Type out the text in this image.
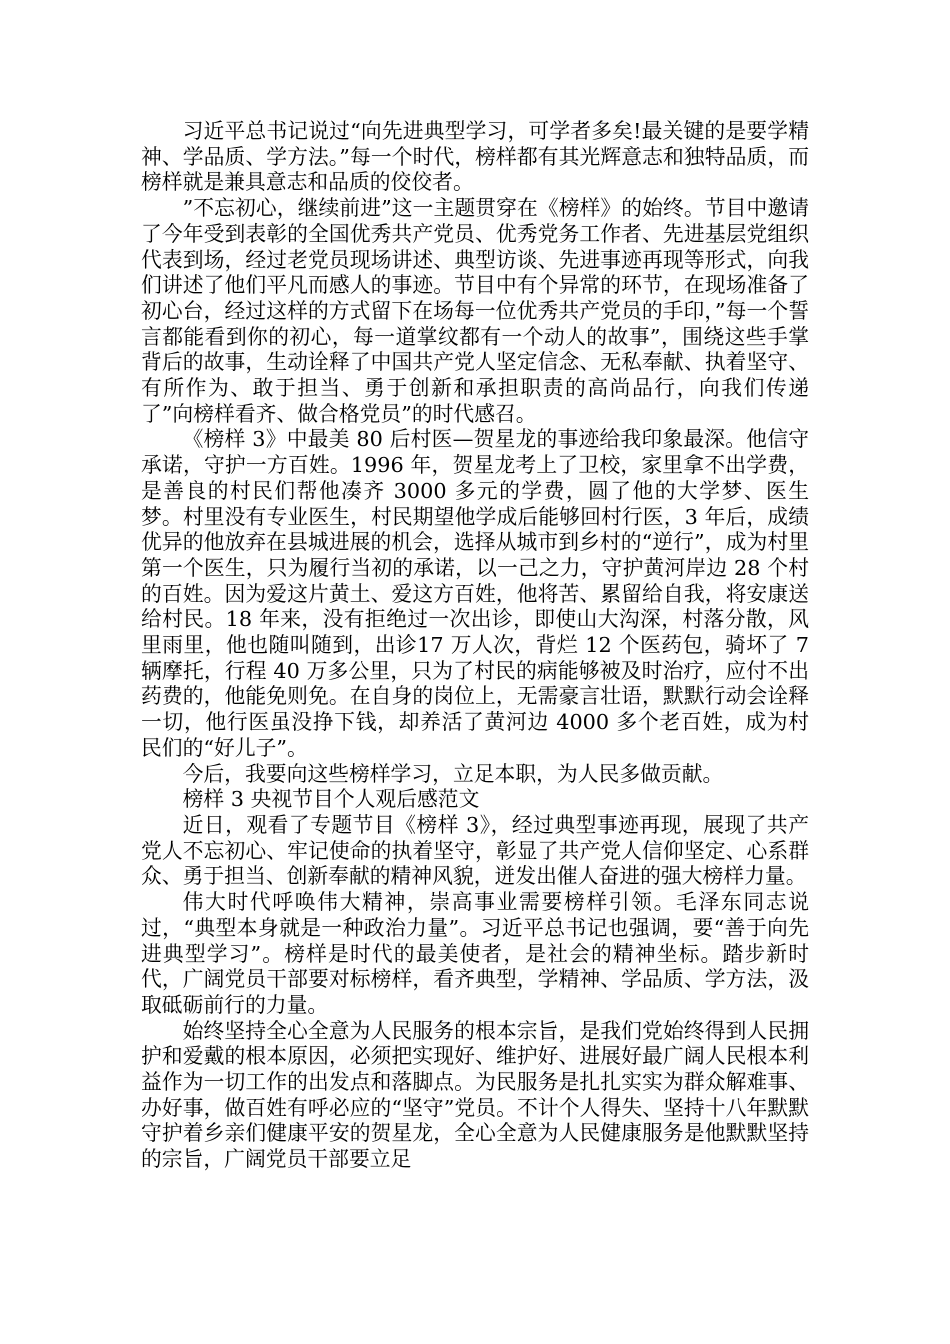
习近平总书记说过“向先进典型学习，可学者多矣!最关键的是要学精神、学品质、学方法。”每一个时代，榜样都有其光辉意志和独特品质，而榜样就是兼具意志和品质的佼佼者。

”不忘初心，继续前进”这一主题贯穿在《榜样》的始终。节目中邀请了今年受到表彰的全国优秀共产党员、优秀党务工作者、先进基层党组织代表到场，经过老党员现场讲述、典型访谈、先进事迹再现等形式，向我们讲述了他们平凡而感人的事迹。节目中有个异常的环节，在现场准备了初心台，经过这样的方式留下在场每一位优秀共产党员的手印，”每一个誓言都能看到你的初心，每一道掌纹都有一个动人的故事”，围绕这些手掌背后的故事，生动诠释了中国共产党人坚定信念、无私奉献、执着坚守、有所作为、敢于担当、勇于创新和承担职责的高尚品行，向我们传递了”向榜样看齐、做合格党员”的时代感召。

《榜样 3》中最美 80 后村医—贺星龙的事迹给我印象最深。他信守承诺，守护一方百姓。1996 年，贺星龙考上了卫校，家里拿不出学费，是善良的村民们帮他凑齐 3000 多元的学费，圆了他的大学梦、医生梦。村里没有专业医生，村民期望他学成后能够回村行医，3 年后，成绩优异的他放弃在县城进展的机会，选择从城市到乡村的“逆行”，成为村里第一个医生，只为履行当初的承诺，以一己之力，守护黄河岸边 28 个村的百姓。因为爱这片黄土、爱这方百姓，他将苦、累留给自我，将安康送给村民。18 年来，没有拒绝过一次出诊，即使山大沟深，村落分散，风里雨里，他也随叫随到，出诊17 万人次，背烂 12 个医药包，骑坏了 7 辆摩托，行程 40 万多公里，只为了村民的病能够被及时治疗，应付不出药费的，他能免则免。在自身的岗位上，无需豪言壮语，默默行动会诠释一切，他行医虽没挣下钱，却养活了黄河边 4000 多个老百姓，成为村民们的“好儿子”。

今后，我要向这些榜样学习，立足本职，为人民多做贡献。

榜样 3 央视节目个人观后感范文

近日，观看了专题节目《榜样 3》，经过典型事迹再现，展现了共产党人不忘初心、牢记使命的执着坚守，彰显了共产党人信仰坚定、心系群众、勇于担当、创新奉献的精神风貌，迸发出催人奋进的强大榜样力量。

伟大时代呼唤伟大精神，崇高事业需要榜样引领。毛泽东同志说过，“典型本身就是一种政治力量”。习近平总书记也强调，要“善于向先进典型学习”。榜样是时代的最美使者，是社会的精神坐标。踏步新时代，广阔党员干部要对标榜样，看齐典型，学精神、学品质、学方法，汲取砥砺前行的力量。

始终坚持全心全意为人民服务的根本宗旨，是我们党始终得到人民拥护和爱戴的根本原因，必须把实现好、维护好、进展好最广阔人民根本利益作为一切工作的出发点和落脚点。为民服务是扎扎实实为群众解难事、办好事，做百姓有呼必应的“坚守”党员。不计个人得失、坚持十八年默默守护着乡亲们健康平安的贺星龙，全心全意为人民健康服务是他默默坚持的宗旨，广阔党员干部要立足
